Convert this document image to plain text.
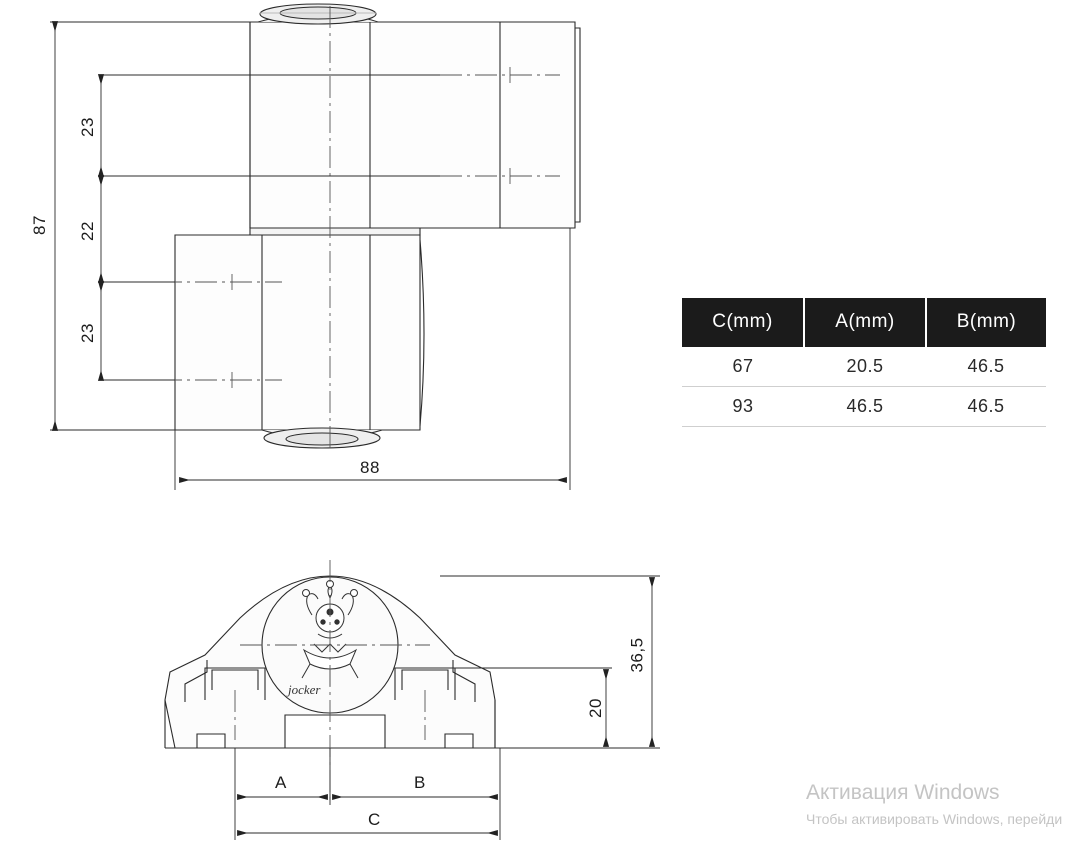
87
23
22
23
88
36,5
20
A	B
C
jocker
C(mm)	A(mm)	B(mm)
67	20.5	46.5
93	46.5	46.5
Активация Windows
Чтобы активировать Windows, перейди
